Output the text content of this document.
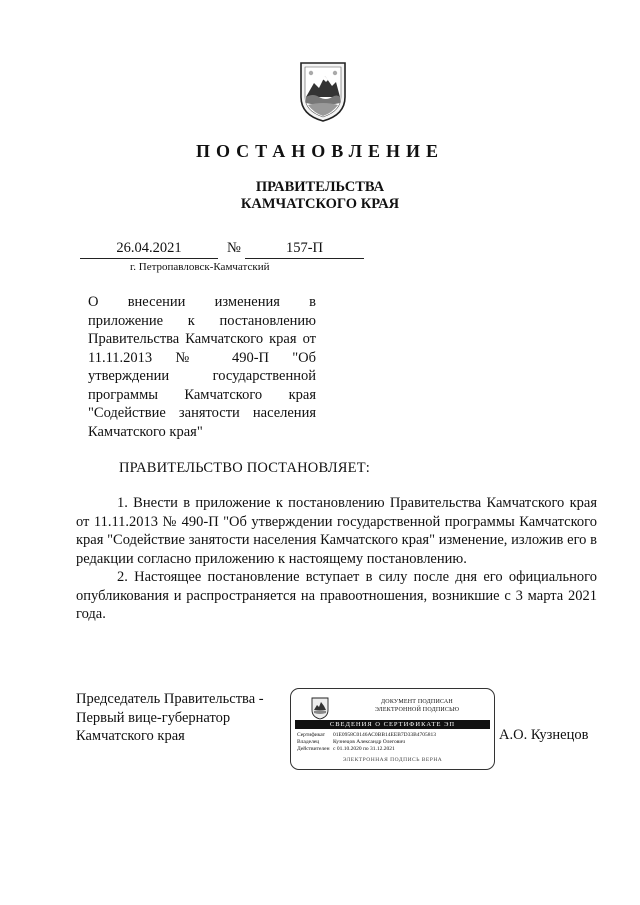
ПОСТАНОВЛЕНИЕ
ПРАВИТЕЛЬСТВА
КАМЧАТСКОГО КРАЯ
26.04.2021	№	157-П
г. Петропавловск-Камчатский
О внесении изменения в приложение к постановлению Правительства Камчатского края от 11.11.2013 № 490-П "Об утверждении государственной программы Камчатского края "Содействие занятости населения Камчатского края"
ПРАВИТЕЛЬСТВО ПОСТАНОВЛЯЕТ:

1. Внести в приложение к постановлению Правительства Камчатского края от 11.11.2013 № 490-П "Об утверждении государственной программы Камчатского края "Содействие занятости населения Камчатского края" изменение, изложив его в редакции согласно приложению к настоящему постановлению.

2. Настоящее постановление вступает в силу после дня его официального опубликования и распространяется на правоотношения, возникшие с 3 марта 2021 года.

Председатель Правительства -
Первый вице-губернатор
Камчатского края
ДОКУМЕНТ ПОДПИСАН
ЭЛЕКТРОННОЙ ПОДПИСЬЮ
СВЕДЕНИЯ О СЕРТИФИКАТЕ ЭП
Сертификат	01Е0958С0146АС0ВВ14ЕЕВ7D33В4705813
Владелец	Кузнецов Александр Олегович
Действителен с 01.10.2020 по 31.12.2021
ЭЛЕКТРОННАЯ ПОДПИСЬ ВЕРНА
А.О. Кузнецов
